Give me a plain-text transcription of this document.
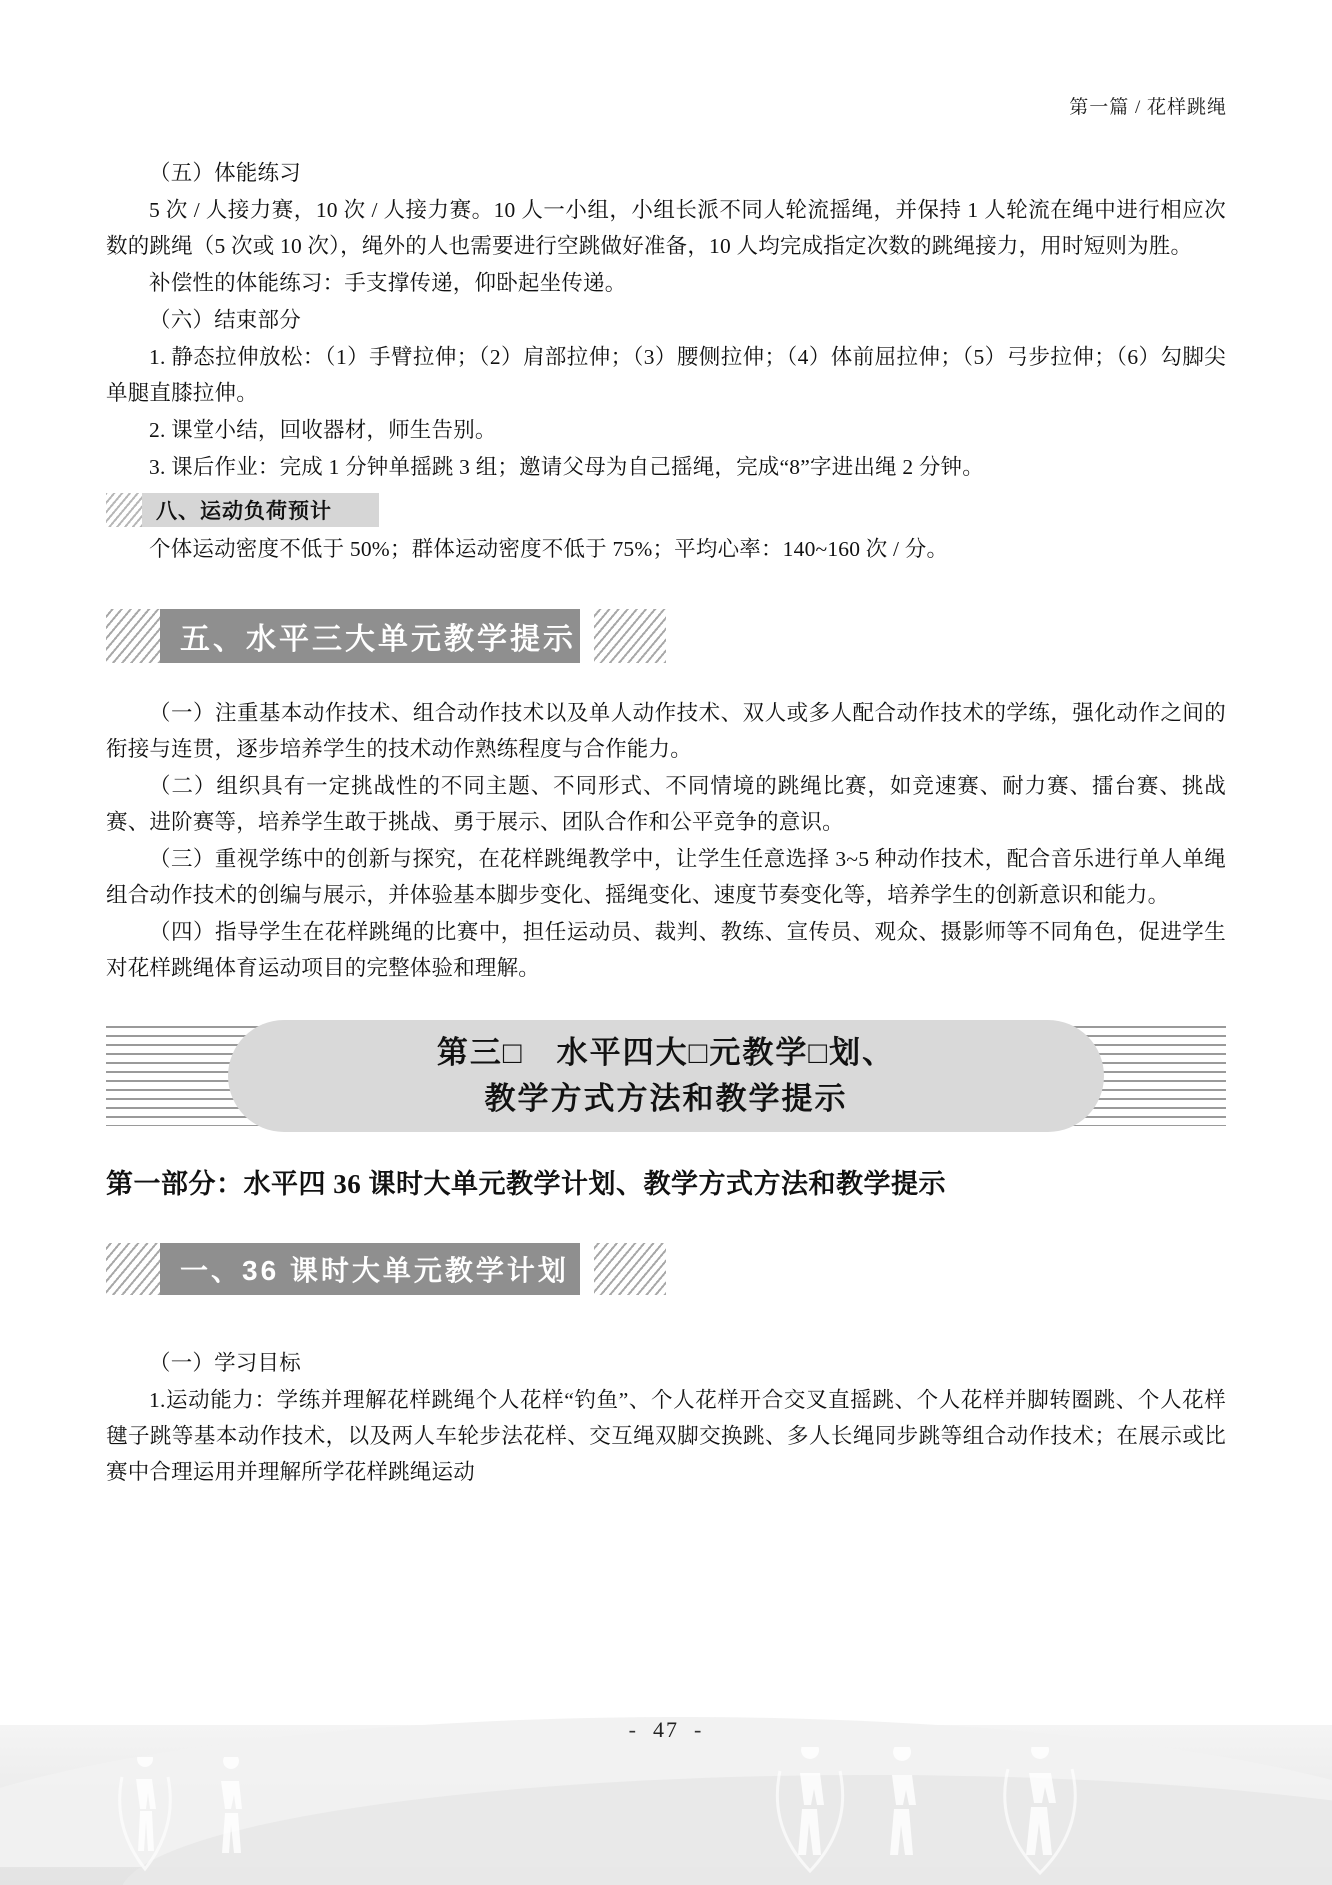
第一篇 / 花样跳绳

（五）体能练习

5 次 / 人接力赛，10 次 / 人接力赛。10 人一小组，小组长派不同人轮流摇绳，并保持 1 人轮流在绳中进行相应次数的跳绳（5 次或 10 次），绳外的人也需要进行空跳做好准备，10 人均完成指定次数的跳绳接力，用时短则为胜。

补偿性的体能练习：手支撑传递，仰卧起坐传递。

（六）结束部分

1. 静态拉伸放松：（1）手臂拉伸；（2）肩部拉伸；（3）腰侧拉伸；（4）体前屈拉伸；（5）弓步拉伸；（6）勾脚尖单腿直膝拉伸。

2. 课堂小结，回收器材，师生告别。

3. 课后作业：完成 1 分钟单摇跳 3 组；邀请父母为自己摇绳，完成“8”字进出绳 2 分钟。

八、运动负荷预计

个体运动密度不低于 50%；群体运动密度不低于 75%；平均心率：140~160 次 / 分。

五、水平三大单元教学提示

（一）注重基本动作技术、组合动作技术以及单人动作技术、双人或多人配合动作技术的学练，强化动作之间的衔接与连贯，逐步培养学生的技术动作熟练程度与合作能力。

（二）组织具有一定挑战性的不同主题、不同形式、不同情境的跳绳比赛，如竞速赛、耐力赛、擂台赛、挑战赛、进阶赛等，培养学生敢于挑战、勇于展示、团队合作和公平竞争的意识。

（三）重视学练中的创新与探究，在花样跳绳教学中，让学生任意选择 3~5 种动作技术，配合音乐进行单人单绳组合动作技术的创编与展示，并体验基本脚步变化、摇绳变化、速度节奏变化等，培养学生的创新意识和能力。

（四）指导学生在花样跳绳的比赛中，担任运动员、裁判、教练、宣传员、观众、摄影师等不同角色，促进学生对花样跳绳体育运动项目的完整体验和理解。

第三□　水平四大□元教学□划、
教学方式方法和教学提示
第一部分：水平四 36 课时大单元教学计划、教学方式方法和教学提示
一、36 课时大单元教学计划

（一）学习目标

1.运动能力：学练并理解花样跳绳个人花样“钓鱼”、个人花样开合交叉直摇跳、个人花样并脚转圈跳、个人花样毽子跳等基本动作技术，以及两人车轮步法花样、交互绳双脚交换跳、多人长绳同步跳等组合动作技术；在展示或比赛中合理运用并理解所学花样跳绳运动

- 47 -
